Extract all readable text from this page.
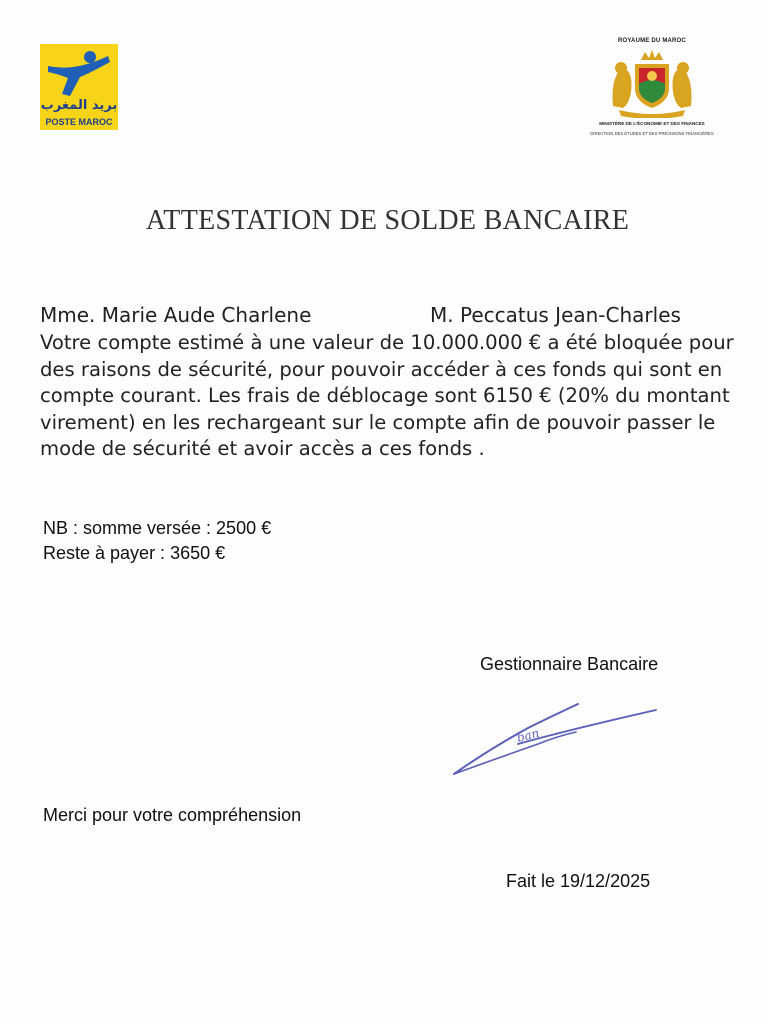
بريد المغرب
POSTE MAROC
ROYAUME DU MAROC
MINISTÈRE DE L'ÉCONOMIE ET DES FINANCES
DIRECTION DES ÉTUDES ET DES PRÉVISIONS FINANCIÈRES
ATTESTATION DE SOLDE BANCAIRE
Mme. Marie Aude Charlene	M. Peccatus Jean-Charles
Votre compte estimé à une valeur de 10.000.000 € a été bloquée pour des raisons de sécurité, pour pouvoir accéder à ces fonds qui sont en compte courant. Les frais de déblocage sont 6150 € (20% du montant virement) en les rechargeant sur le compte afin de pouvoir passer le mode de sécurité et avoir accès a ces fonds .
NB : somme versée : 2500 €
Reste à payer : 3650 €
Gestionnaire Bancaire
ban
Merci pour votre compréhension
Fait le 19/12/2025
